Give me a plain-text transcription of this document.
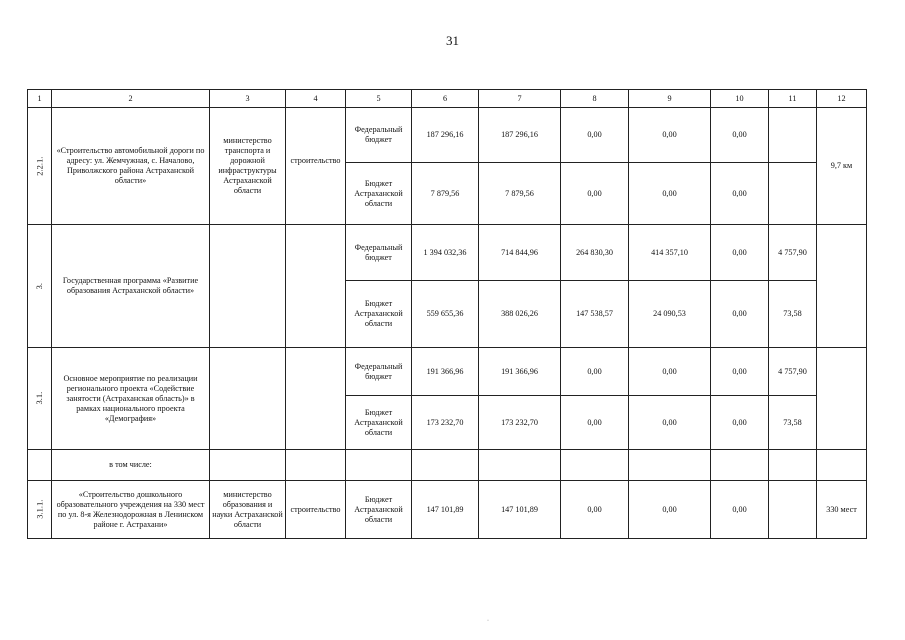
31
1	2	3	4	5	6	7	8	9	10	11	12
2.2.1.	«Строительство автомобильной дороги по адресу: ул. Жемчужная, с. Началово, Приволжского района Астраханской области»	министерство транспорта и дорожной инфраструктуры Астраханской области	строительство	Федеральный бюджет	187 296,16	187 296,16	0,00	0,00	0,00		9,7 км
				Бюджет Астраханской области	7 879,56	7 879,56	0,00	0,00	0,00		
3.	Государственная программа «Развитие образования Астраханской области»			Федеральный бюджет	1 394 032,36	714 844,96	264 830,30	414 357,10	0,00	4 757,90	
				Бюджет Астраханской области	559 655,36	388 026,26	147 538,57	24 090,53	0,00	73,58	
3.1.	Основное мероприятие по реализации регионального проекта «Содействие занятости (Астраханская область)» в рамках национального проекта «Демография»			Федеральный бюджет	191 366,96	191 366,96	0,00	0,00	0,00	4 757,90	
				Бюджет Астраханской области	173 232,70	173 232,70	0,00	0,00	0,00	73,58	
	в том числе:										
3.1.1.	«Строительство дошкольного образовательного учреждения на 330 мест по ул. 8-я Железнодорожная в Ленинском районе г. Астрахани»	министерство образования и науки Астраханской области	строительство	Бюджет Астраханской области	147 101,89	147 101,89	0,00	0,00	0,00		330 мест
·
